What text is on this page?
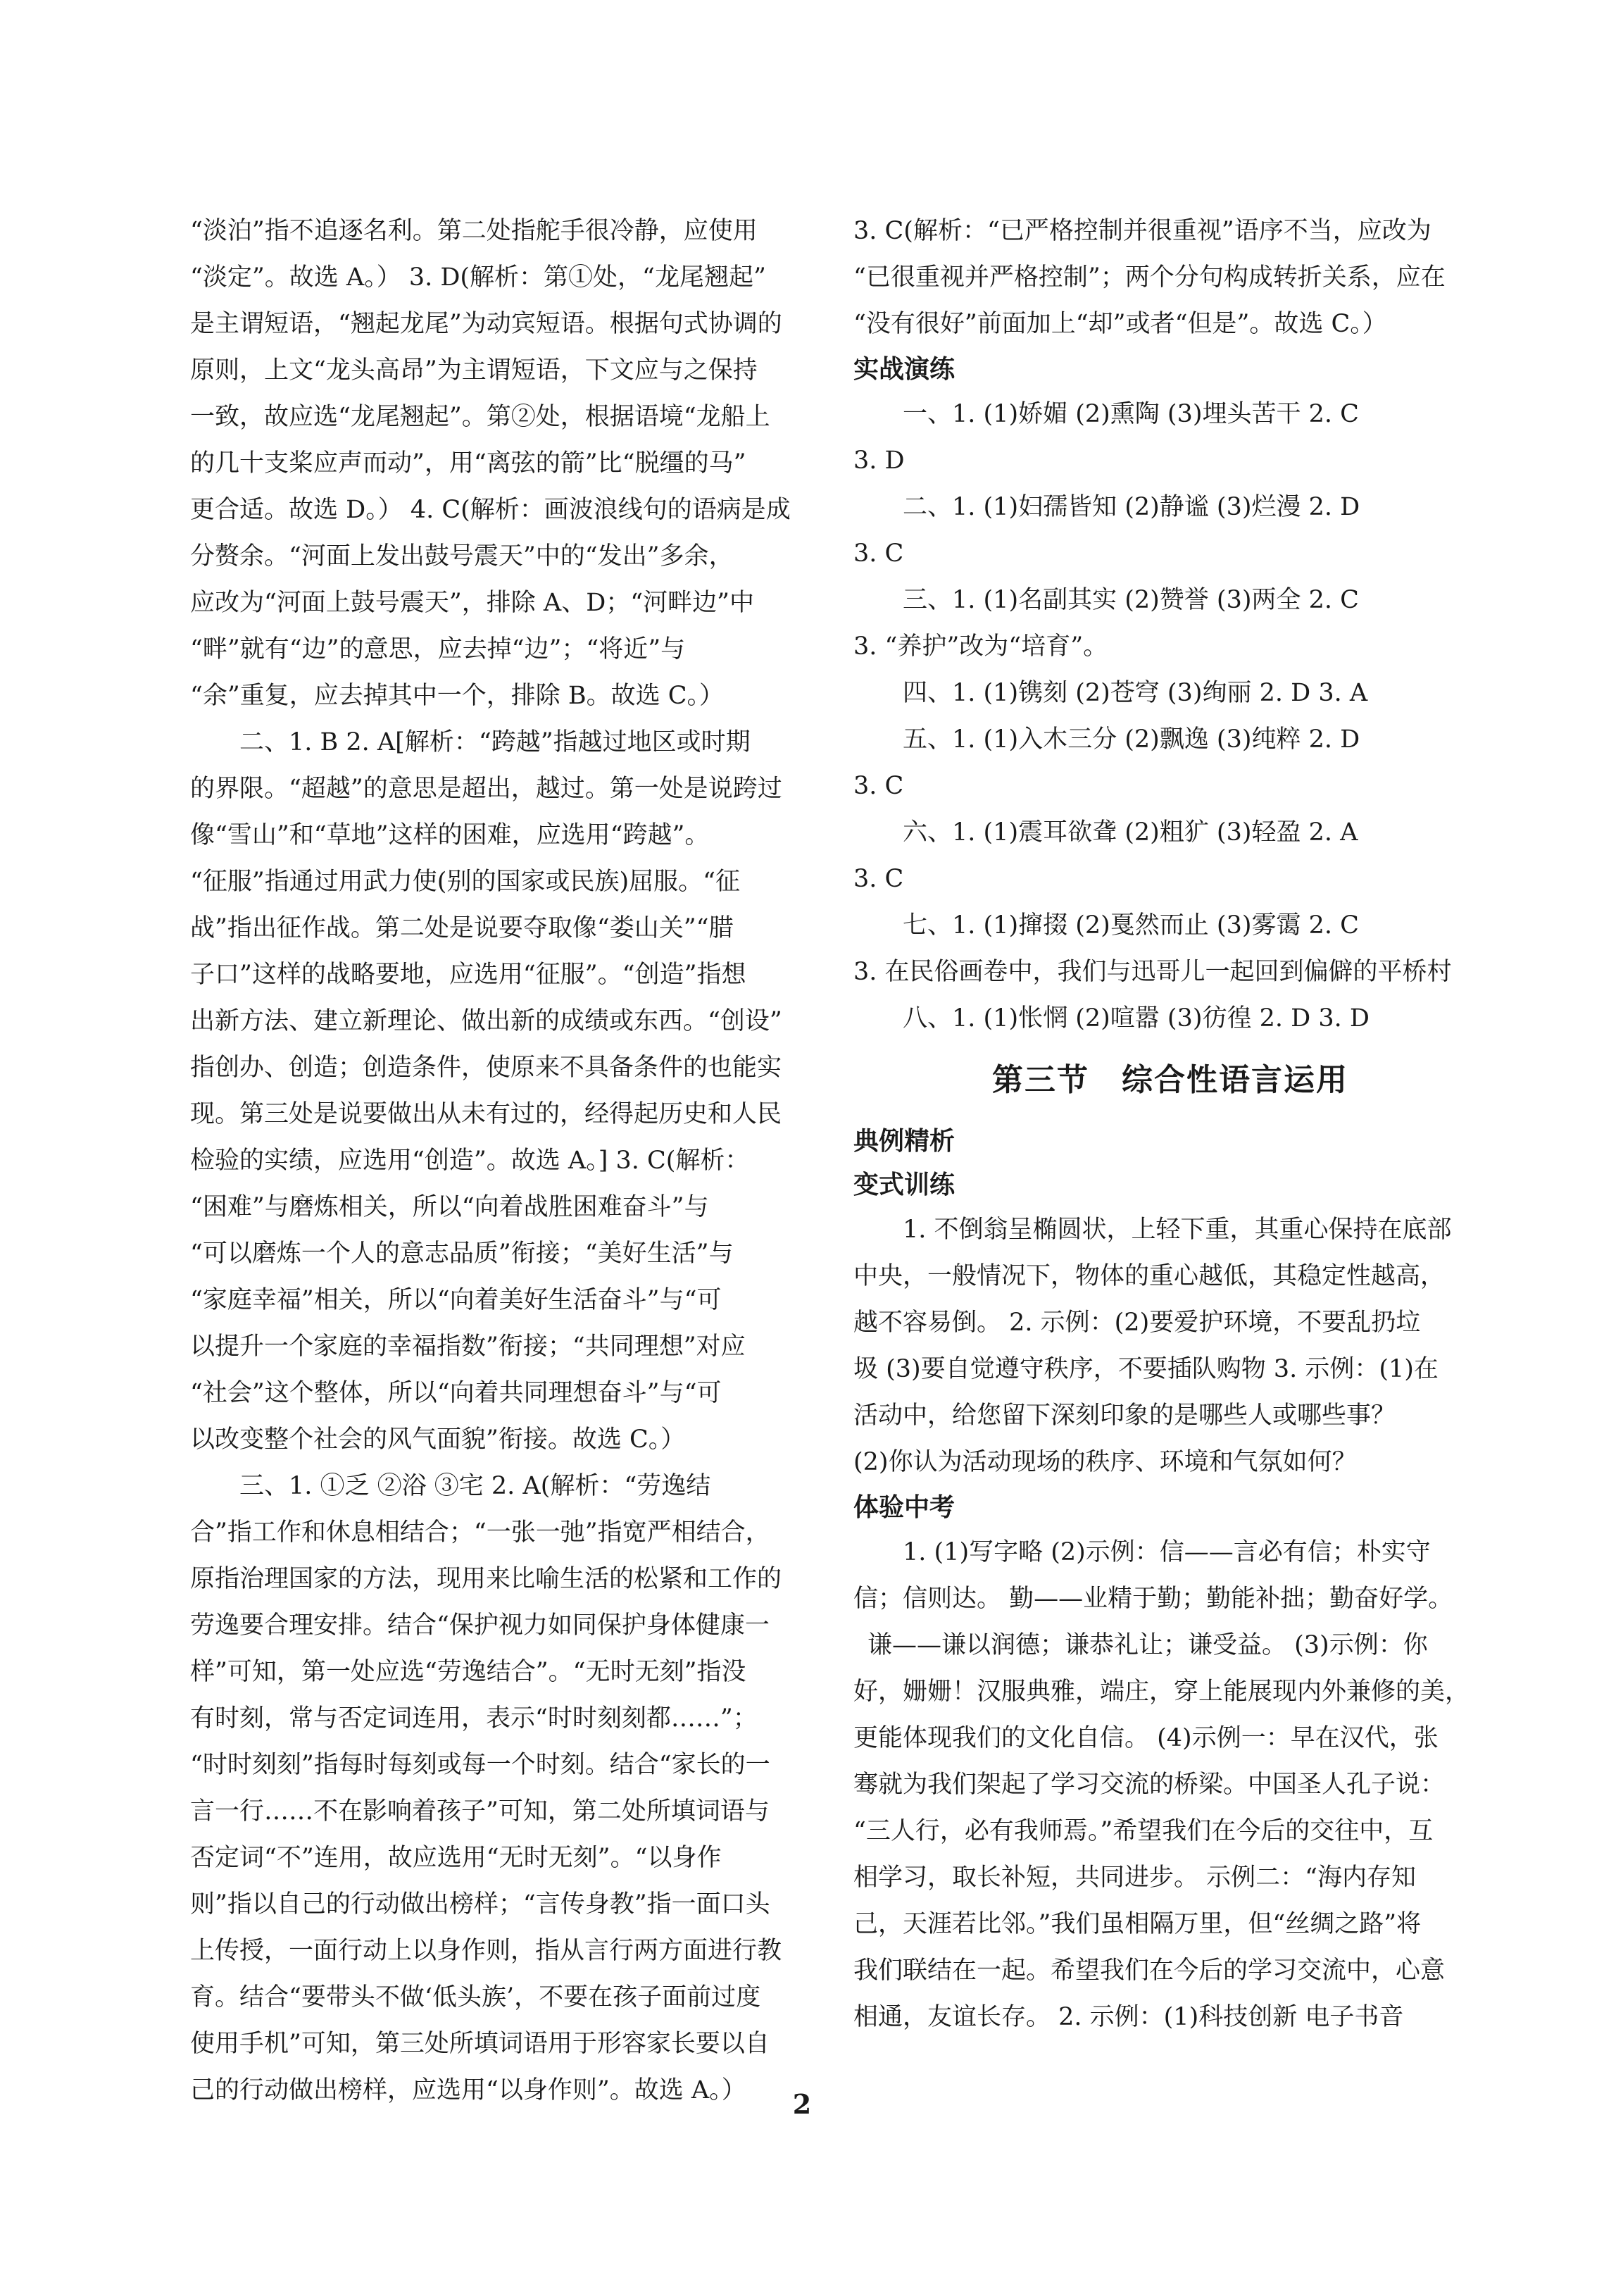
“淡泊”指不追逐名利。第二处指舵手很冷静，应使用
“淡定”。故选 A。） 3. D(解析：第①处，“龙尾翘起”
是主谓短语，“翘起龙尾”为动宾短语。根据句式协调的
原则，上文“龙头高昂”为主谓短语，下文应与之保持
一致，故应选“龙尾翘起”。第②处，根据语境“龙船上
的几十支桨应声而动”，用“离弦的箭”比“脱缰的马”
更合适。故选 D。） 4. C(解析：画波浪线句的语病是成
分赘余。“河面上发出鼓号震天”中的“发出”多余，
应改为“河面上鼓号震天”，排除 A、D；“河畔边”中
“畔”就有“边”的意思，应去掉“边”；“将近”与
“余”重复，应去掉其中一个，排除 B。故选 C。）
二、1. B 2. A[解析：“跨越”指越过地区或时期
的界限。“超越”的意思是超出，越过。第一处是说跨过
像“雪山”和“草地”这样的困难，应选用“跨越”。
“征服”指通过用武力使(别的国家或民族)屈服。“征
战”指出征作战。第二处是说要夺取像“娄山关”“腊
子口”这样的战略要地，应选用“征服”。“创造”指想
出新方法、建立新理论、做出新的成绩或东西。“创设”
指创办、创造；创造条件，使原来不具备条件的也能实
现。第三处是说要做出从未有过的，经得起历史和人民
检验的实绩，应选用“创造”。故选 A。] 3. C(解析：
“困难”与磨炼相关，所以“向着战胜困难奋斗”与
“可以磨炼一个人的意志品质”衔接；“美好生活”与
“家庭幸福”相关，所以“向着美好生活奋斗”与“可
以提升一个家庭的幸福指数”衔接；“共同理想”对应
“社会”这个整体，所以“向着共同理想奋斗”与“可
以改变整个社会的风气面貌”衔接。故选 C。）
三、1. ①乏 ②浴 ③宅 2. A(解析：“劳逸结
合”指工作和休息相结合；“一张一弛”指宽严相结合，
原指治理国家的方法，现用来比喻生活的松紧和工作的
劳逸要合理安排。结合“保护视力如同保护身体健康一
样”可知，第一处应选“劳逸结合”。“无时无刻”指没
有时刻，常与否定词连用，表示“时时刻刻都……”；
“时时刻刻”指每时每刻或每一个时刻。结合“家长的一
言一行……不在影响着孩子”可知，第二处所填词语与
否定词“不”连用，故应选用“无时无刻”。“以身作
则”指以自己的行动做出榜样；“言传身教”指一面口头
上传授，一面行动上以身作则，指从言行两方面进行教
育。结合“要带头不做‘低头族’，不要在孩子面前过度
使用手机”可知，第三处所填词语用于形容家长要以自
己的行动做出榜样，应选用“以身作则”。故选 A。）
3. C(解析：“已严格控制并很重视”语序不当，应改为
“已很重视并严格控制”；两个分句构成转折关系，应在
“没有很好”前面加上“却”或者“但是”。故选 C。）
实战演练
一、1. (1)娇媚 (2)熏陶 (3)埋头苦干 2. C
3. D
二、1. (1)妇孺皆知 (2)静谧 (3)烂漫 2. D
3. C
三、1. (1)名副其实 (2)赞誉 (3)两全 2. C
3. “养护”改为“培育”。
四、1. (1)镌刻 (2)苍穹 (3)绚丽 2. D 3. A
五、1. (1)入木三分 (2)飘逸 (3)纯粹 2. D
3. C
六、1. (1)震耳欲聋 (2)粗犷 (3)轻盈 2. A
3. C
七、1. (1)撺掇 (2)戛然而止 (3)雾霭 2. C
3. 在民俗画卷中，我们与迅哥儿一起回到偏僻的平桥村
八、1. (1)怅惘 (2)喧嚣 (3)彷徨 2. D 3. D
第三节　综合性语言运用
典例精析
变式训练
1. 不倒翁呈椭圆状，上轻下重，其重心保持在底部
中央，一般情况下，物体的重心越低，其稳定性越高，
越不容易倒。 2. 示例：(2)要爱护环境，不要乱扔垃
圾 (3)要自觉遵守秩序，不要插队购物 3. 示例：(1)在
活动中，给您留下深刻印象的是哪些人或哪些事？
(2)你认为活动现场的秩序、环境和气氛如何？
体验中考
1. (1)写字略 (2)示例：信——言必有信；朴实守
信；信则达。 勤——业精于勤；勤能补拙；勤奋好学。
谦——谦以润德；谦恭礼让；谦受益。 (3)示例：你
好，姗姗！汉服典雅，端庄，穿上能展现内外兼修的美，
更能体现我们的文化自信。 (4)示例一：早在汉代，张
骞就为我们架起了学习交流的桥梁。中国圣人孔子说：
“三人行，必有我师焉。”希望我们在今后的交往中，互
相学习，取长补短，共同进步。 示例二：“海内存知
己，天涯若比邻。”我们虽相隔万里，但“丝绸之路”将
我们联结在一起。希望我们在今后的学习交流中，心意
相通，友谊长存。 2. 示例：(1)科技创新 电子书音
2
